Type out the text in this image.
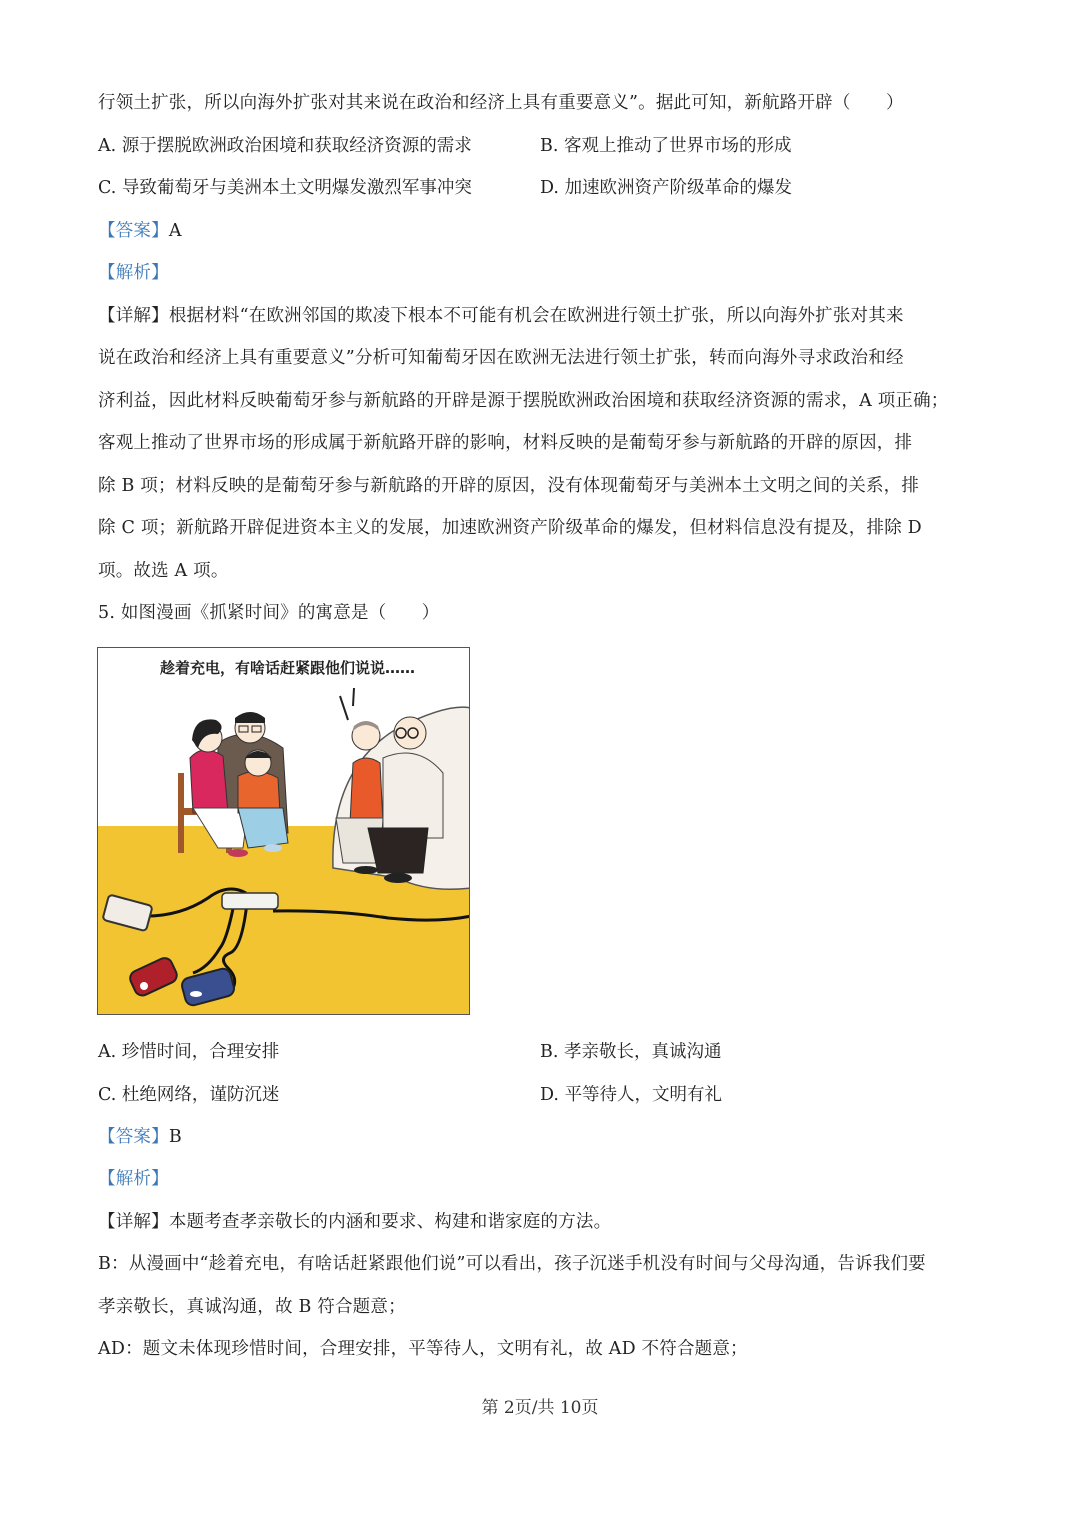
行领土扩张，所以向海外扩张对其来说在政治和经济上具有重要意义”。据此可知，新航路开辟（　　）
A. 源于摆脱欧洲政治困境和获取经济资源的需求	B. 客观上推动了世界市场的形成
C. 导致葡萄牙与美洲本土文明爆发激烈军事冲突	D. 加速欧洲资产阶级革命的爆发
【答案】A
【解析】
【详解】根据材料“在欧洲邻国的欺凌下根本不可能有机会在欧洲进行领土扩张，所以向海外扩张对其来
说在政治和经济上具有重要意义”分析可知葡萄牙因在欧洲无法进行领土扩张，转而向海外寻求政治和经
济利益，因此材料反映葡萄牙参与新航路的开辟是源于摆脱欧洲政治困境和获取经济资源的需求，A 项正确；
客观上推动了世界市场的形成属于新航路开辟的影响，材料反映的是葡萄牙参与新航路的开辟的原因，排
除 B 项；材料反映的是葡萄牙参与新航路的开辟的原因，没有体现葡萄牙与美洲本土文明之间的关系，排
除 C 项；新航路开辟促进资本主义的发展，加速欧洲资产阶级革命的爆发，但材料信息没有提及，排除 D
项。故选 A 项。
5. 如图漫画《抓紧时间》的寓意是（　　）
趁着充电，有啥话赶紧跟他们说说……
A. 珍惜时间，合理安排	B. 孝亲敬长，真诚沟通
C. 杜绝网络，谨防沉迷	D. 平等待人，文明有礼
【答案】B
【解析】
【详解】本题考查孝亲敬长的内涵和要求、构建和谐家庭的方法。
B：从漫画中“趁着充电，有啥话赶紧跟他们说”可以看出，孩子沉迷手机没有时间与父母沟通，告诉我们要
孝亲敬长，真诚沟通，故 B 符合题意；
AD：题文未体现珍惜时间，合理安排，平等待人，文明有礼，故 AD 不符合题意；
第 2页/共 10页
